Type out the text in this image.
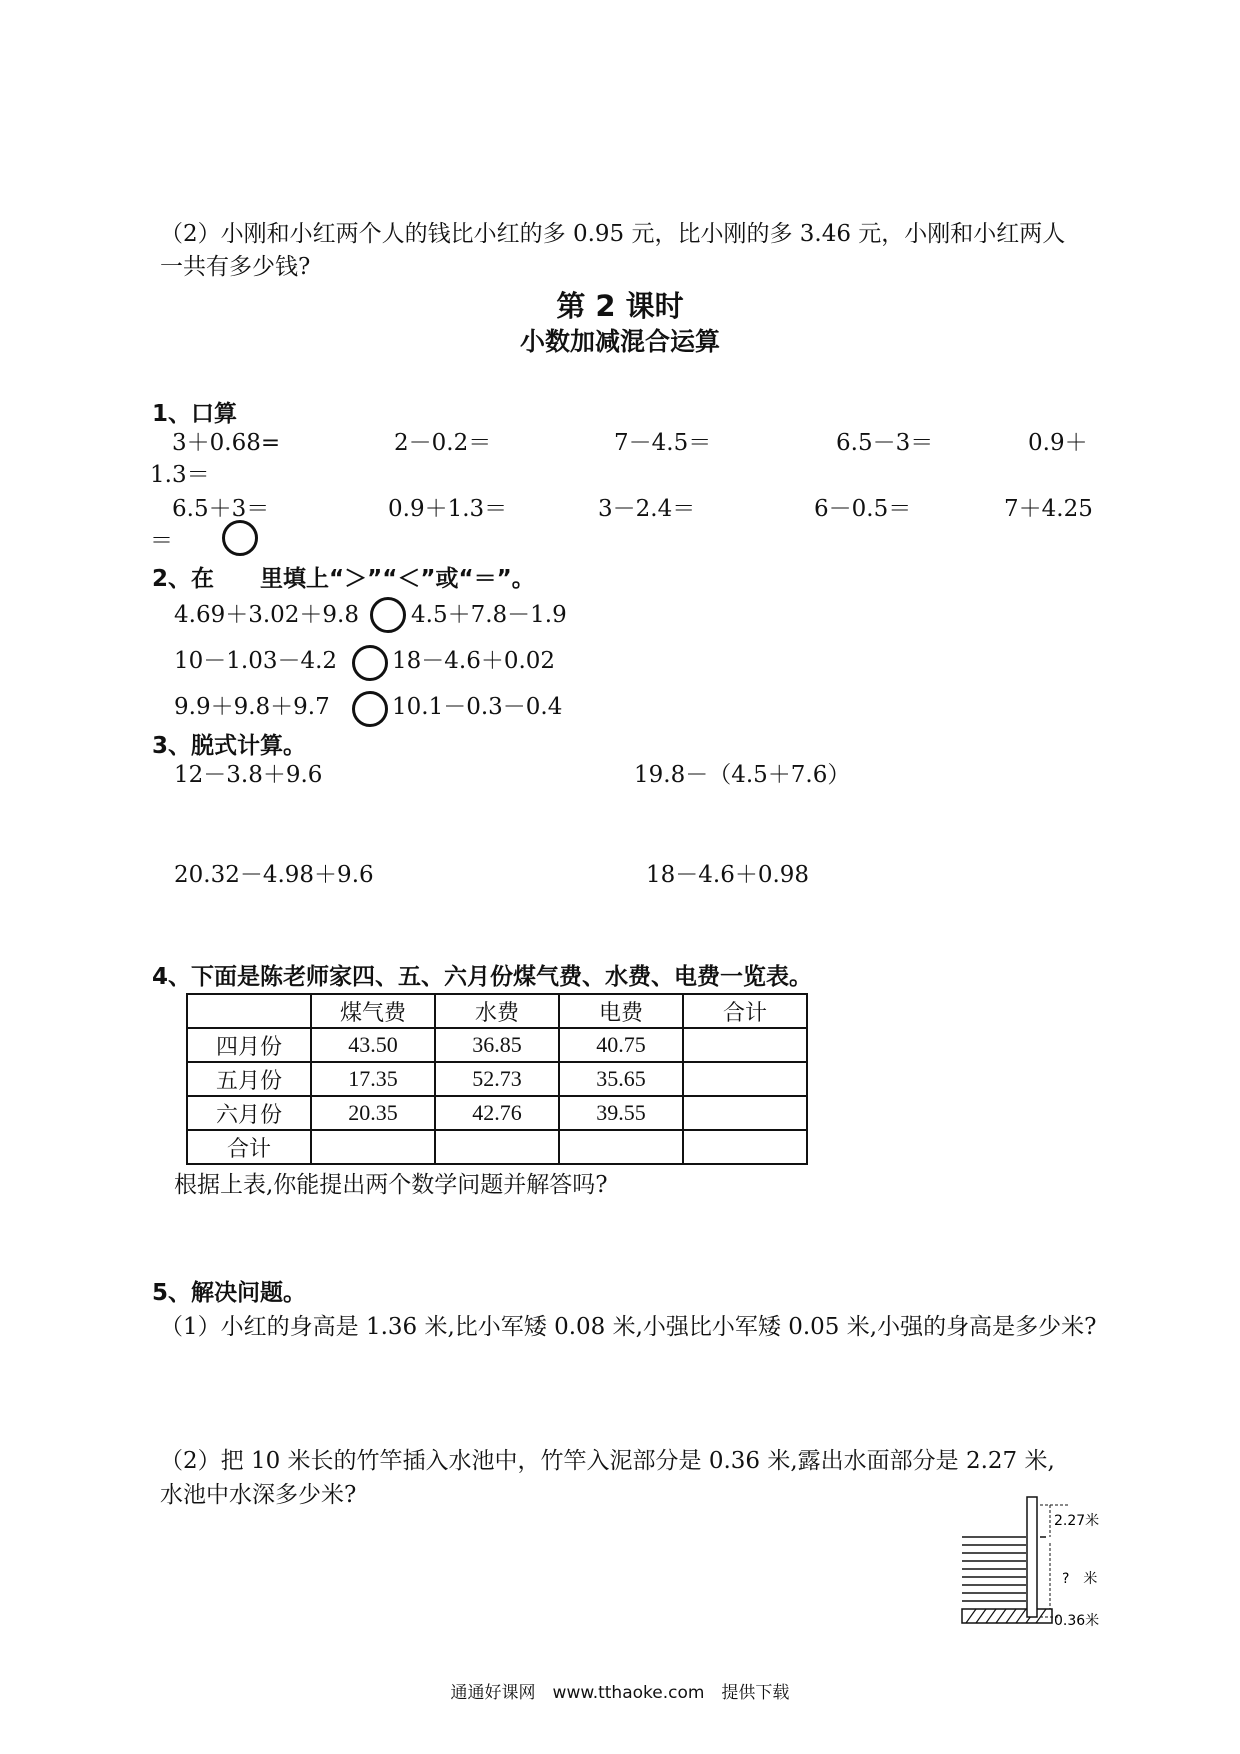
（2）小刚和小红两个人的钱比小红的多 0.95 元，比小刚的多 3.46 元，小刚和小红两人
一共有多少钱?
第 2 课时
小数加减混合运算
1、口算
3＋0.68=	2－0.2＝	7－4.5＝	6.5－3＝	0.9＋
1.3＝
6.5＋3＝	0.9＋1.3＝	3－2.4＝	6－0.5＝	7＋4.25
＝
2、在　　里填上“＞”“＜”或“＝”。
4.69＋3.02＋9.8 4.5＋7.8－1.9
10－1.03－4.2 18－4.6＋0.02
9.9＋9.8＋9.7	10.1－0.3－0.4
3、脱式计算。
12－3.8＋9.6	19.8－（4.5＋7.6）
20.32－4.98＋9.6	18－4.6＋0.98
4、下面是陈老师家四、五、六月份煤气费、水费、电费一览表。
	煤气费	水费	电费	合计
四月份	43.50	36.85	40.75	
五月份	17.35	52.73	35.65	
六月份	20.35	42.76	39.55	
合计				
根据上表,你能提出两个数学问题并解答吗?
5、解决问题。
（1）小红的身高是 1.36 米,比小军矮 0.08 米,小强比小军矮 0.05 米,小强的身高是多少米?
（2）把 10 米长的竹竿插入水池中，竹竿入泥部分是 0.36 米,露出水面部分是 2.27 米,
水池中水深多少米?
2.27米
?　米
0.36米
通通好课网　www.tthaoke.com　提供下载
